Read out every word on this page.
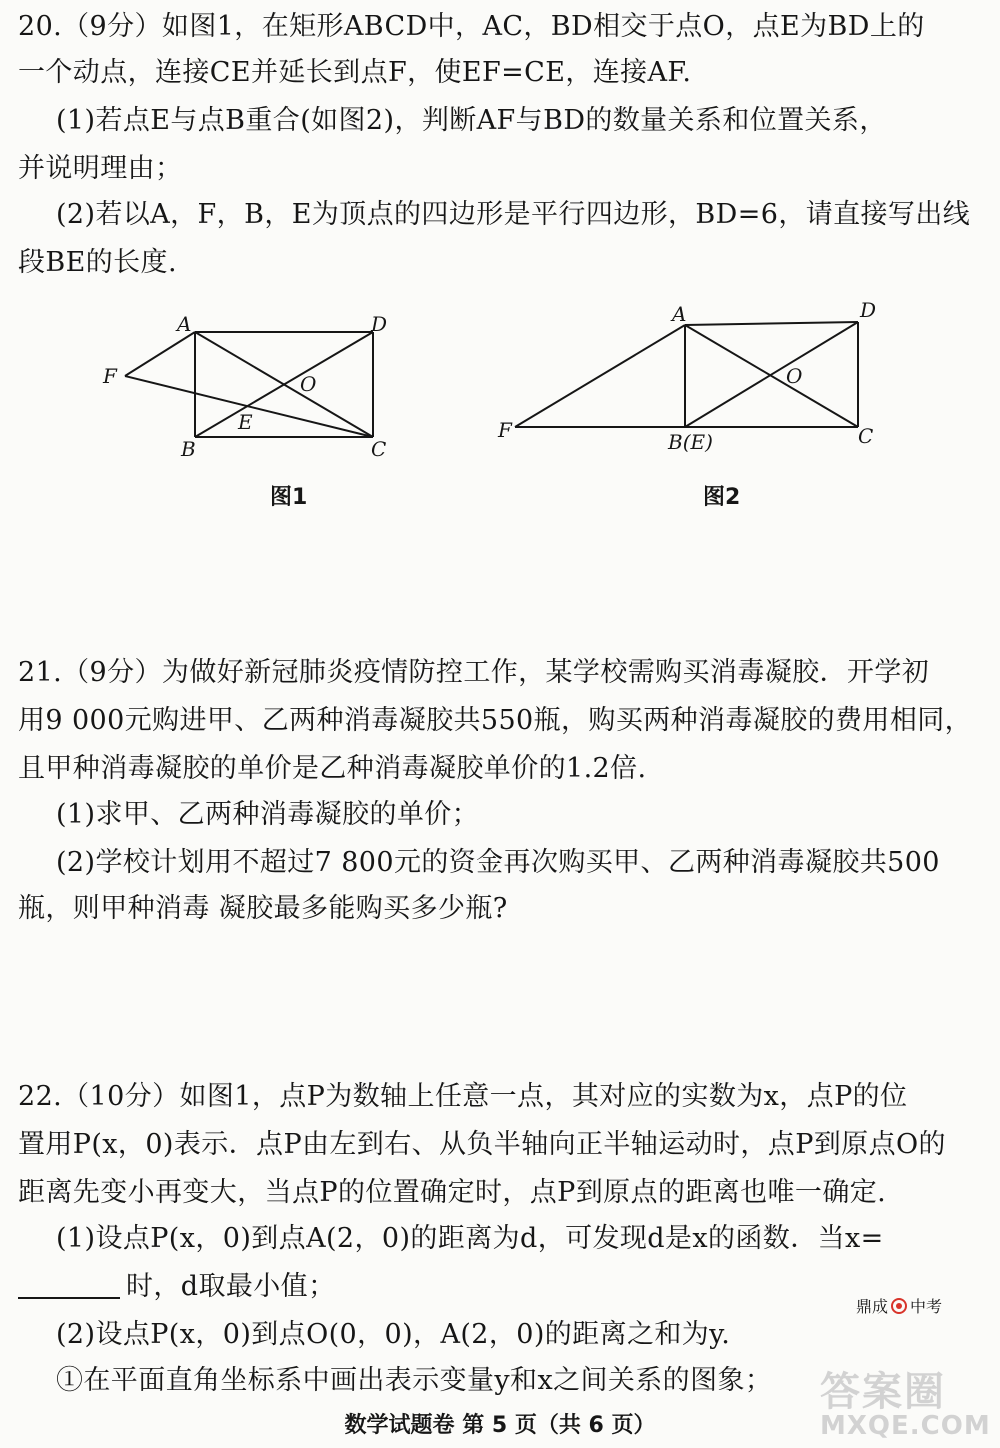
20.（9分）如图1，在矩形ABCD中，AC，BD相交于点O，点E为BD上的
一个动点，连接CE并延长到点F，使EF=CE，连接AF.
(1)若点E与点B重合(如图2)，判断AF与BD的数量关系和位置关系，
并说明理由；
(2)若以A，F，B，E为顶点的四边形是平行四边形，BD=6，请直接写出线
段BE的长度.
A	D
F	O
E
B	C
图1
A	D
O
F	B(E)	C
图2
21.（9分）为做好新冠肺炎疫情防控工作，某学校需购买消毒凝胶．开学初
用9 000元购进甲、乙两种消毒凝胶共550瓶，购买两种消毒凝胶的费用相同，
且甲种消毒凝胶的单价是乙种消毒凝胶单价的1.2倍.
(1)求甲、乙两种消毒凝胶的单价；
(2)学校计划用不超过7 800元的资金再次购买甲、乙两种消毒凝胶共500
瓶，则甲种消毒 凝胶最多能购买多少瓶?
22.（10分）如图1，点P为数轴上任意一点，其对应的实数为x，点P的位
置用P(x，0)表示．点P由左到右、从负半轴向正半轴运动时，点P到原点O的
距离先变小再变大，当点P的位置确定时，点P到原点的距离也唯一确定.
(1)设点P(x，0)到点A(2，0)的距离为d，可发现d是x的函数．当x=
时，d取最小值；
(2)设点P(x，0)到点O(0，0)，A(2，0)的距离之和为y.
①在平面直角坐标系中画出表示变量y和x之间关系的图象；
鼎成 中考
答案圈
MXQE.COM
数学试题卷 第 5 页（共 6 页）
